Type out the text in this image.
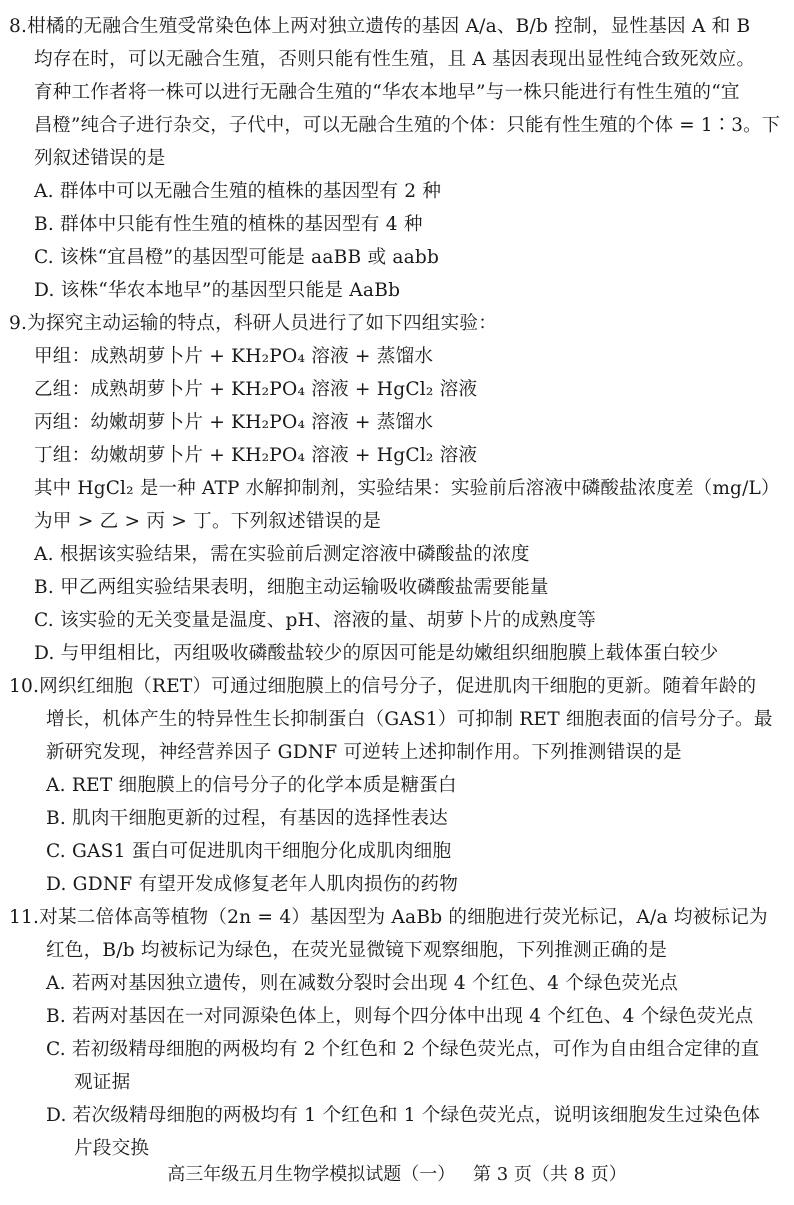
8.柑橘的无融合生殖受常染色体上两对独立遗传的基因 A/a、B/b 控制，显性基因 A 和 B
均存在时，可以无融合生殖，否则只能有性生殖，且 A 基因表现出显性纯合致死效应。
育种工作者将一株可以进行无融合生殖的“华农本地早”与一株只能进行有性生殖的“宜
昌橙”纯合子进行杂交，子代中，可以无融合生殖的个体：只能有性生殖的个体 = 1∶3。下
列叙述错误的是
A. 群体中可以无融合生殖的植株的基因型有 2 种
B. 群体中只能有性生殖的植株的基因型有 4 种
C. 该株“宜昌橙”的基因型可能是 aaBB 或 aabb
D. 该株“华农本地早”的基因型只能是 AaBb
9.为探究主动运输的特点，科研人员进行了如下四组实验：
甲组：成熟胡萝卜片 + KH₂PO₄ 溶液 + 蒸馏水
乙组：成熟胡萝卜片 + KH₂PO₄ 溶液 + HgCl₂ 溶液
丙组：幼嫩胡萝卜片 + KH₂PO₄ 溶液 + 蒸馏水
丁组：幼嫩胡萝卜片 + KH₂PO₄ 溶液 + HgCl₂ 溶液
其中 HgCl₂ 是一种 ATP 水解抑制剂，实验结果：实验前后溶液中磷酸盐浓度差（mg/L）
为甲 > 乙 > 丙 > 丁。下列叙述错误的是
A. 根据该实验结果，需在实验前后测定溶液中磷酸盐的浓度
B. 甲乙两组实验结果表明，细胞主动运输吸收磷酸盐需要能量
C. 该实验的无关变量是温度、pH、溶液的量、胡萝卜片的成熟度等
D. 与甲组相比，丙组吸收磷酸盐较少的原因可能是幼嫩组织细胞膜上载体蛋白较少
10.网织红细胞（RET）可通过细胞膜上的信号分子，促进肌肉干细胞的更新。随着年龄的
增长，机体产生的特异性生长抑制蛋白（GAS1）可抑制 RET 细胞表面的信号分子。最
新研究发现，神经营养因子 GDNF 可逆转上述抑制作用。下列推测错误的是
A. RET 细胞膜上的信号分子的化学本质是糖蛋白
B. 肌肉干细胞更新的过程，有基因的选择性表达
C. GAS1 蛋白可促进肌肉干细胞分化成肌肉细胞
D. GDNF 有望开发成修复老年人肌肉损伤的药物
11.对某二倍体高等植物（2n = 4）基因型为 AaBb 的细胞进行荧光标记，A/a 均被标记为
红色，B/b 均被标记为绿色，在荧光显微镜下观察细胞，下列推测正确的是
A. 若两对基因独立遗传，则在减数分裂时会出现 4 个红色、4 个绿色荧光点
B. 若两对基因在一对同源染色体上，则每个四分体中出现 4 个红色、4 个绿色荧光点
C. 若初级精母细胞的两极均有 2 个红色和 2 个绿色荧光点，可作为自由组合定律的直
观证据
D. 若次级精母细胞的两极均有 1 个红色和 1 个绿色荧光点，说明该细胞发生过染色体
片段交换
高三年级五月生物学模拟试题（一） 第 3 页（共 8 页）
